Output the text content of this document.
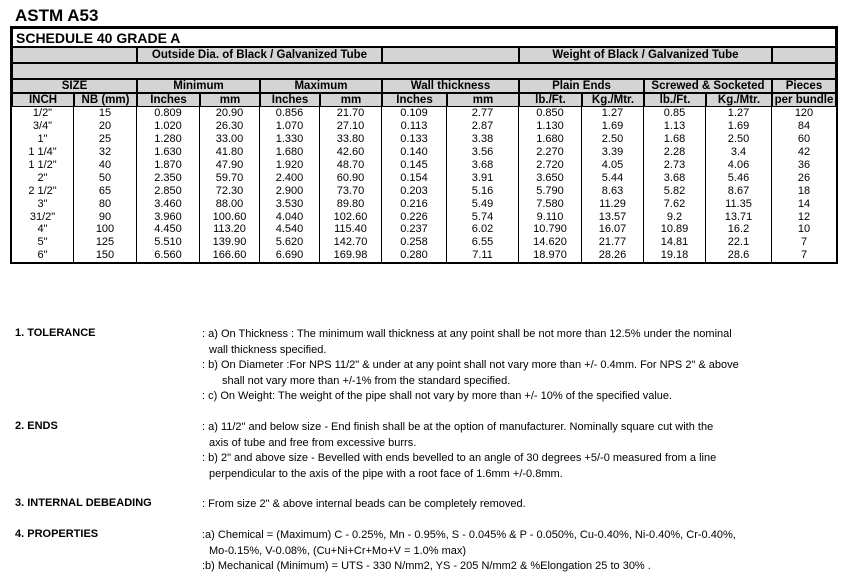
ASTM A53
SCHEDULE 40 GRADE A
Outside Dia. of Black / Galvanized Tube	Weight of Black / Galvanized Tube
SIZE	Minimum	Maximum	Wall thickness	Plain Ends	Screwed & Socketed	Pieces
INCH	NB (mm)	Inches	mm	Inches	mm	Inches	mm	lb./Ft.	Kg./Mtr.	lb./Ft.	Kg./Mtr.	per bundle
1/2"	15	0.809	20.90	0.856	21.70	0.109	2.77	0.850	1.27	0.85	1.27	120
3/4"	20	1.020	26.30	1.070	27.10	0.113	2.87	1.130	1.69	1.13	1.69	84
1"	25	1.280	33.00	1.330	33.80	0.133	3.38	1.680	2.50	1.68	2.50	60
1 1/4"	32	1.630	41.80	1.680	42.60	0.140	3.56	2.270	3.39	2.28	3.4	42
1 1/2"	40	1.870	47.90	1.920	48.70	0.145	3.68	2.720	4.05	2.73	4.06	36
2"	50	2.350	59.70	2.400	60.90	0.154	3.91	3.650	5.44	3.68	5.46	26
2 1/2"	65	2.850	72.30	2.900	73.70	0.203	5.16	5.790	8.63	5.82	8.67	18
3"	80	3.460	88.00	3.530	89.80	0.216	5.49	7.580	11.29	7.62	11.35	14
31/2"	90	3.960	100.60	4.040	102.60	0.226	5.74	9.110	13.57	9.2	13.71	12
4"	100	4.450	113.20	4.540	115.40	0.237	6.02	10.790	16.07	10.89	16.2	10
5"	125	5.510	139.90	5.620	142.70	0.258	6.55	14.620	21.77	14.81	22.1	7
6"	150	6.560	166.60	6.690	169.98	0.280	7.11	18.970	28.26	19.18	28.6	7
1. TOLERANCE	: a) On Thickness : The minimum wall thickness at any point shall be not more than 12.5% under the nominal
wall thickness specified.
: b) On Diameter :For NPS 11/2" & under at any point shall not vary more than +/- 0.4mm. For NPS 2" & above
shall not vary more than +/-1% from the standard specified.
: c) On Weight: The weight of the pipe shall not vary by more than +/- 10% of the specified value.
2. ENDS	: a) 11/2" and below size - End finish shall be at the option of manufacturer. Nominally square cut with the
axis of tube and free from excessive burrs.
: b) 2" and above size - Bevelled with ends bevelled to an angle of 30 degrees +5/-0 measured from a line
perpendicular to the axis of the pipe with a root face of 1.6mm +/-0.8mm.
3. INTERNAL DEBEADING	: From size 2" & above internal beads can be completely removed.
4. PROPERTIES	:a) Chemical = (Maximum) C - 0.25%, Mn - 0.95%, S - 0.045% & P - 0.050%, Cu-0.40%, Ni-0.40%, Cr-0.40%,
Mo-0.15%, V-0.08%, (Cu+Ni+Cr+Mo+V = 1.0% max)
:b) Mechanical (Minimum) = UTS - 330 N/mm2, YS - 205 N/mm2 & %Elongation 25 to 30% .
